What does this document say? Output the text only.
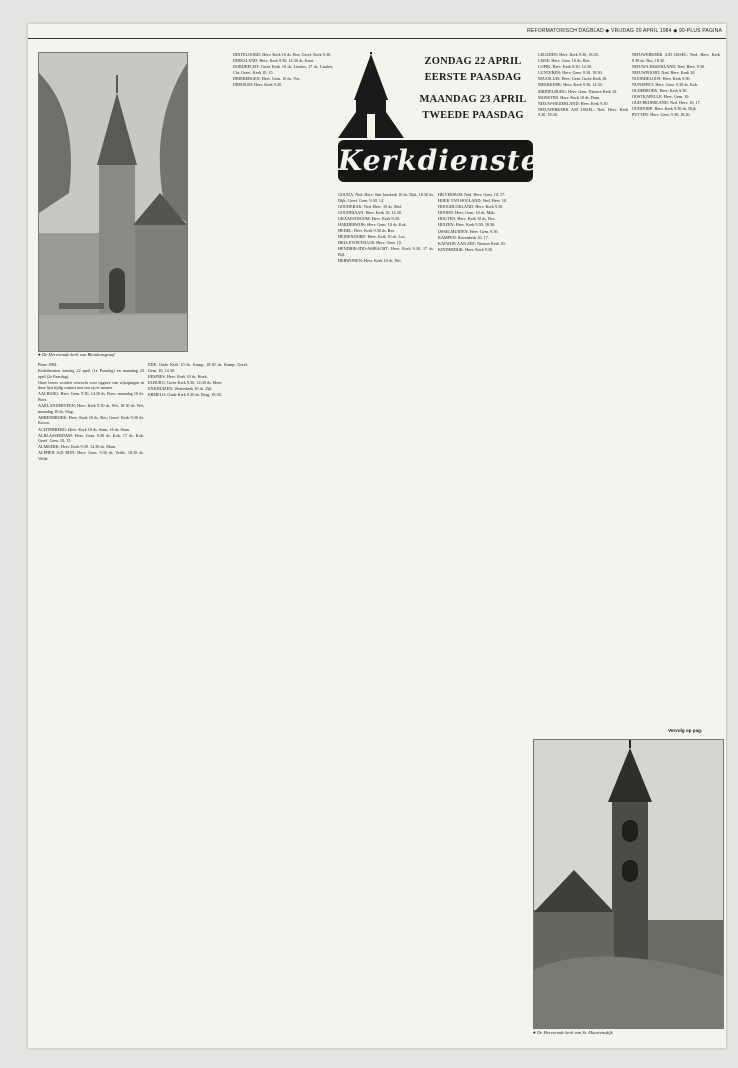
REFORMATORISCH DAGBLAD ◆ VRIJDAG 20 APRIL 1984 ◆ 90-PLUS PAGINA
● De Hervormde kerk van Bleiskensgraaf

Pinse 1984.

Kerkdiensten zondag 22 april (1e Paasdag) en maandag 23 april (2e Paasdag).

Onze lezers worden verzocht voor opgave van wijzigingen in deze lijst tijdig contact met ons op te nemen.

AALBURG: Herv. Gem. 9.30, 14.30 ds. Boer; maandag 10 ds. Boer.

AARLANDERVEEN: Herv. Kerk 9.30 ds. Wit, 18.30 ds. Wit; maandag 10 ds. Slag.

ABBENBROEK: Herv. Kerk 10 ds. Bos; Geref. Kerk 9.30 ds. Kroon.

ACHTERBERG: Herv. Kerk 10 ds. Stam, 16 ds. Stam.

ALBLASSERDAM: Herv. Gem. 9.30 ds. Kok, 17 ds. Kok; Geref. Gem. 10, 15.

ALMKERK: Herv. Kerk 9.30, 14.30 ds. Maas.

ALPHEN A/D RIJN: Herv. Gem. 9.30 ds. Velde, 18.30 ds. Velde.

EDE: Oude Kerk 10 ds. Kamp, 18.30 ds. Kamp; Geref. Gem. 10, 14.30.

EEMNES: Herv. Kerk 10 ds. Hoek.

ELBURG: Grote Kerk 9.30, 14.30 ds. Meer.

ENKHUIZEN: Westerkerk 10 ds. Zijl.

ERMELO: Oude Kerk 9.30 ds. Berg, 18.30.

DINTELOORD: Herv. Kerk 10 ds. Bos; Geref. Kerk 9.30.

DIRKSLAND: Herv. Kerk 9.30, 14.30 ds. Kant.

DORDRECHT: Grote Kerk 10 ds. Linden, 17 ds. Linden; Chr. Geref. Kerk 10, 15.

DRIEBERGEN: Herv. Gem. 10 ds. Vos.

DRIESUM: Herv. Kerk 9.30.

ZONDAG 22 APRIL
EERSTE PAASDAG
MAANDAG 23 APRIL
TWEEDE PAASDAG
Kerkdiensten

GOUDA: Ned. Herv. Sint Janskerk 10 ds. Dijk, 18.30 ds. Dijk; Geref. Gem. 9.30, 14.

GOUDERAK: Ned. Herv. 10 ds. Mol.

GOUDRIAAN: Herv. Kerk 10, 14.30.

GRAAFSTROOM: Herv. Kerk 9.30.

HARDERWIJK: Herv. Gem. 10 ds. Kok.

HEDEL: Herv. Kerk 9.30 ds. Ree.

HEINENOORD: Herv. Kerk 10 ds. Los.

HELLEVOETSLUIS: Herv. Gem. 10.

HENDRIK-IDO-AMBACHT: Herv. Kerk 9.30, 17 ds. Bijl.

HERWIJNEN: Herv. Kerk 10 ds. Wit.

HILVERSUM: Ned. Herv. Gem. 10, 17.

HOEK VAN HOLLAND: Ned. Herv. 10.

HOOGBLOKLAND: Herv. Kerk 9.30.

HOORN: Herv. Gem. 10 ds. Mak.

HOUTEN: Herv. Kerk 10 ds. Ros.

HUIZEN: Herv. Kerk 9.30, 18.30.

IJSSELMUIDEN: Herv. Gem. 9.30.

KAMPEN: Bovenkerk 10, 17.

KATWIJK AAN ZEE: Nieuwe Kerk 10.

KINDERDIJK: Herv. Kerk 9.30.

LEUSDEN: Herv. Kerk 9.30, 18.30.

LISSE: Herv. Gem. 10 ds. Bos.

LOPIK: Herv. Kerk 9.30, 14.30.

LUNTEREN: Herv. Gem. 9.30, 18.30.

MAASLUIS: Herv. Gem. Grote Kerk 10.

MEERKERK: Herv. Kerk 9.30, 14.30.

MIDDELBURG: Herv. Gem. Nieuwe Kerk 10.

MONSTER: Herv. Kerk 10 ds. Dam.

NIEUW-BEIJERLAND: Herv. Kerk 9.30.

NIEUWERKERK A/D IJSSEL: Ned. Herv. Kerk 9.30, 18.30.

NIEUWERKERK A/D IJSSEL: Ned. Herv. Kerk 9.30 ds. Bos, 18.30.

NIEUW-LEKKERLAND: Ned. Herv. 9.30.

NIEUWPOORT: Ned. Herv. Kerk 10.

NOORDELOOS: Herv. Kerk 9.30.

NUNSPEET: Herv. Gem. 9.30 ds. Kok.

OLDEBROEK: Herv. Kerk 9.30.

OOSTKAPELLE: Herv. Gem. 10.

OUD-BEIJERLAND: Ned. Herv. 10, 17.

OUDDORP: Herv. Kerk 9.30 ds. Dijk.

PUTTEN: Herv. Gem. 9.30, 18.30.

Vervolg op pag.
● De Hervormde kerk van St. Maartensdijk
